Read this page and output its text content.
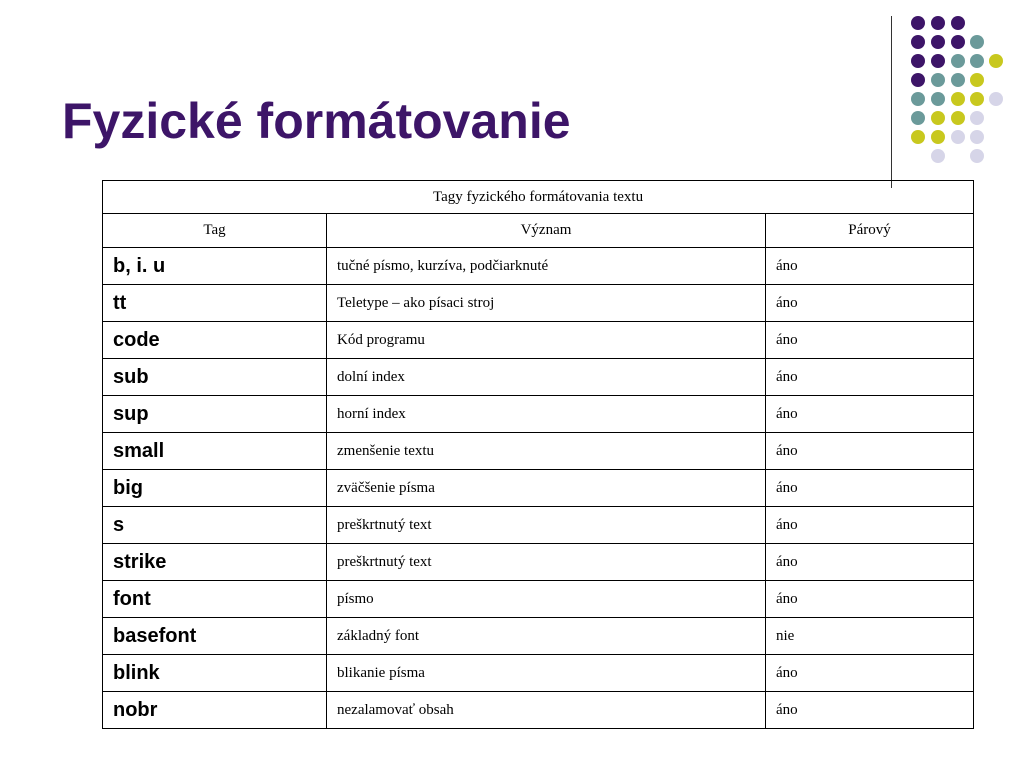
Fyzické formátovanie
Tagy fyzického formátovania textu		
Tag	Význam	Párový
b, i. u	tučné písmo, kurzíva, podčiarknuté	áno
tt	Teletype – ako písaci stroj	áno
code	Kód programu	áno
sub	dolní index	áno
sup	horní index	áno
small	zmenšenie textu	áno
big	zväčšenie písma	áno
s	preškrtnutý text	áno
strike	preškrtnutý text	áno
font	písmo	áno
basefont	základný font	nie
blink	blikanie písma	áno
nobr	nezalamovať obsah	áno
